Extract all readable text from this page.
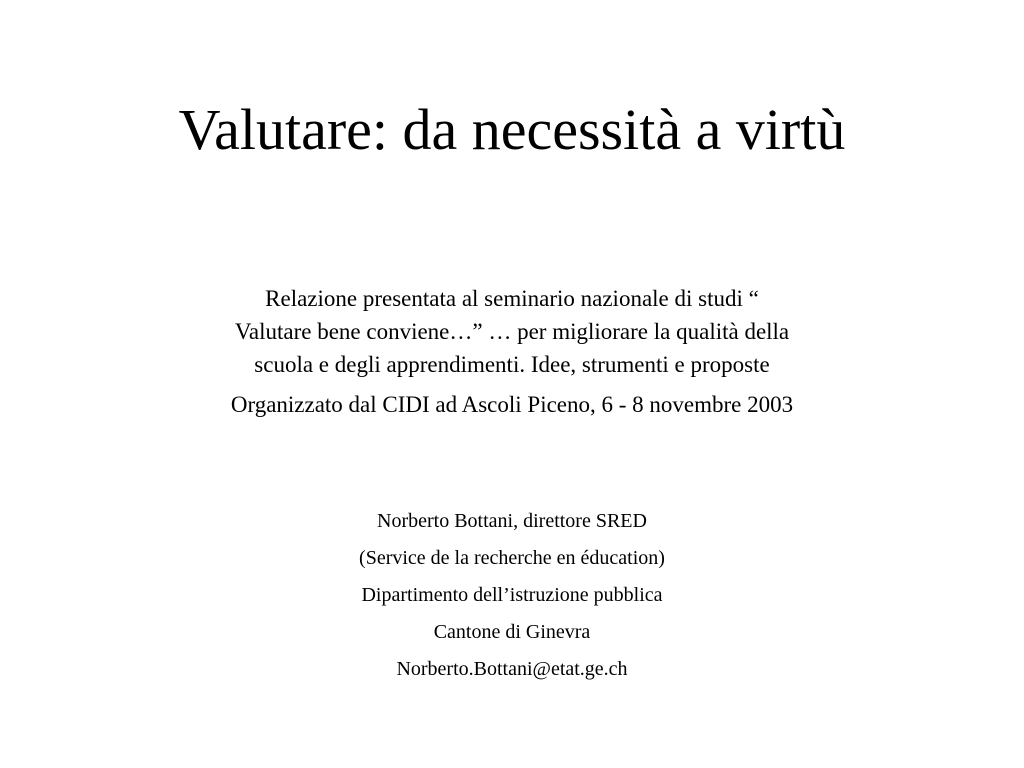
Valutare: da necessità a virtù

Relazione presentata al seminario nazionale di studi “
Valutare bene conviene…” … per migliorare la qualità della
scuola e degli apprendimenti. Idee, strumenti e proposte

Organizzato dal CIDI ad Ascoli Piceno, 6 - 8 novembre 2003

Norberto Bottani, direttore SRED

(Service de la recherche en éducation)

Dipartimento dell’istruzione pubblica

Cantone di Ginevra

Norberto.Bottani@etat.ge.ch
